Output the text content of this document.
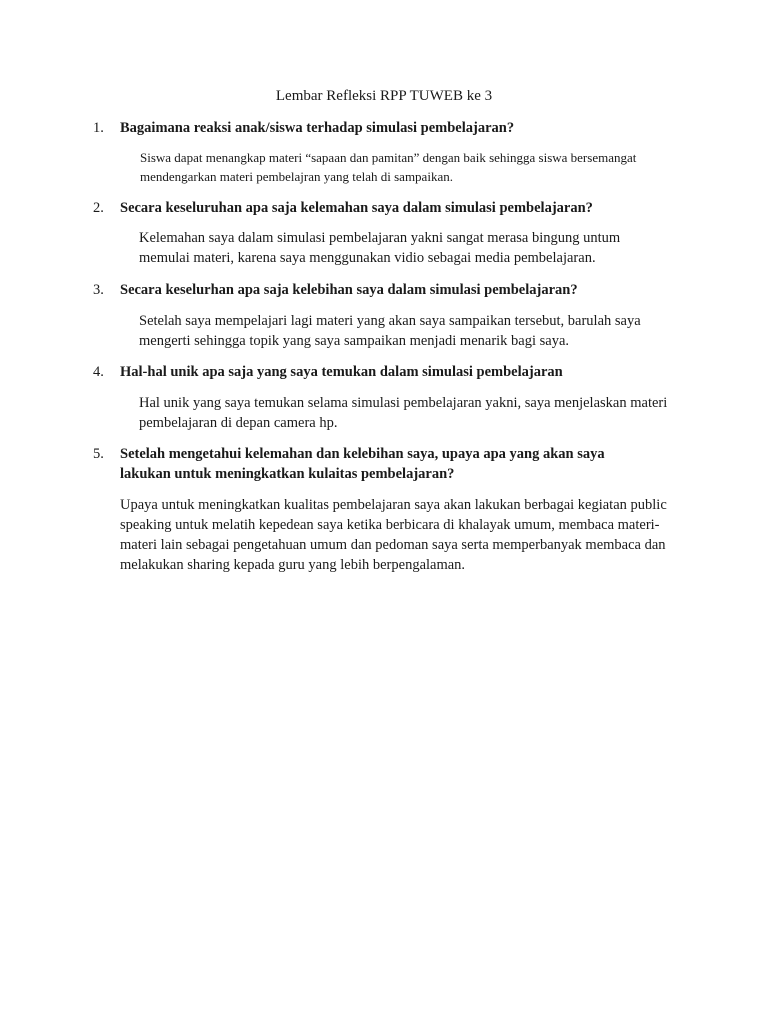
Lembar Refleksi RPP TUWEB ke 3
1. Bagaimana reaksi anak/siswa terhadap simulasi pembelajaran?
Siswa dapat menangkap materi “sapaan dan pamitan” dengan baik sehingga siswa bersemangat mendengarkan materi pembelajran yang telah di sampaikan.
2. Secara keseluruhan apa saja kelemahan saya dalam simulasi pembelajaran?
Kelemahan saya dalam simulasi pembelajaran yakni sangat merasa bingung untum memulai materi, karena saya menggunakan vidio sebagai media pembelajaran.
3. Secara keselurhan apa saja kelebihan saya dalam simulasi pembelajaran?
Setelah saya mempelajari lagi materi yang akan saya sampaikan tersebut, barulah saya mengerti sehingga topik yang saya sampaikan menjadi menarik bagi saya.
4. Hal-hal unik apa saja yang saya temukan dalam simulasi pembelajaran
Hal unik yang saya temukan selama simulasi pembelajaran yakni, saya menjelaskan materi pembelajaran di depan camera hp.
5. Setelah mengetahui kelemahan dan kelebihan saya, upaya apa yang akan saya lakukan untuk meningkatkan kulaitas pembelajaran?
Upaya untuk meningkatkan kualitas pembelajaran saya akan lakukan berbagai kegiatan public speaking untuk melatih kepedean saya ketika berbicara di khalayak umum, membaca materi-materi lain sebagai pengetahuan umum dan pedoman saya serta memperbanyak membaca dan melakukan sharing kepada guru yang lebih berpengalaman.
